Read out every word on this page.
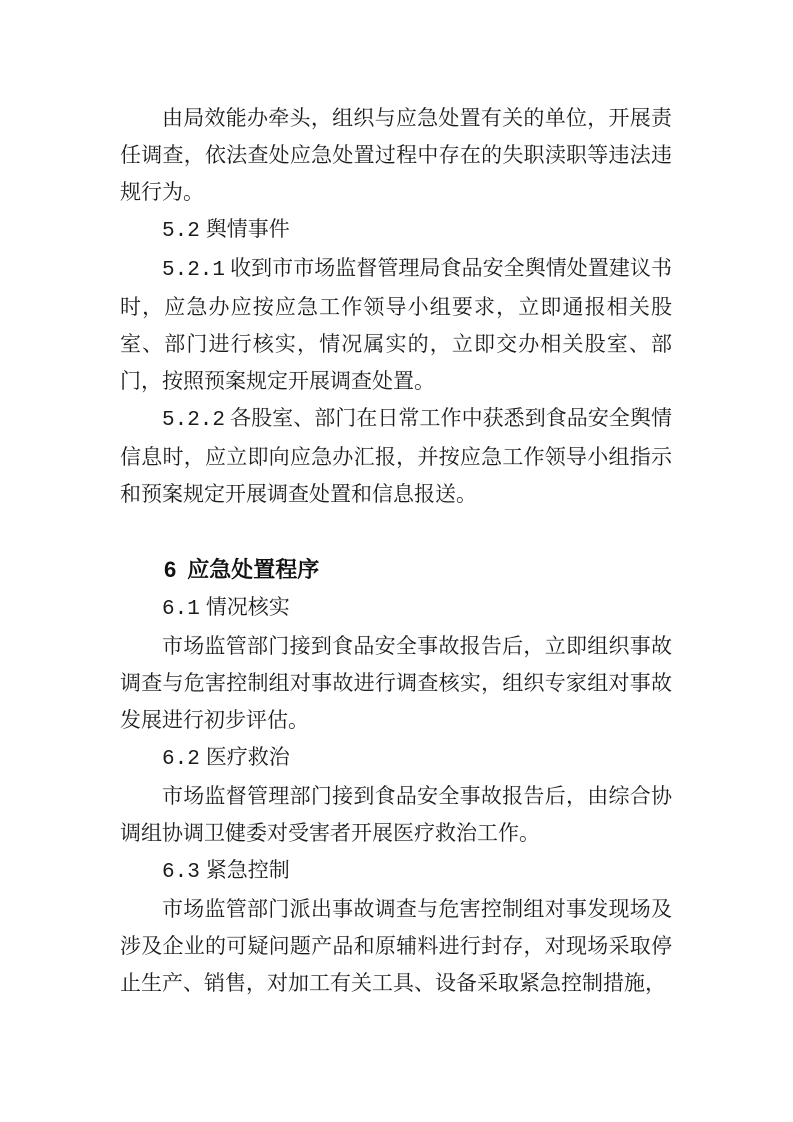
由局效能办牵头，组织与应急处置有关的单位，开展责任调查，依法查处应急处置过程中存在的失职渎职等违法违规行为。

5.2 舆情事件

5.2.1 收到市市场监督管理局食品安全舆情处置建议书时，应急办应按应急工作领导小组要求，立即通报相关股室、部门进行核实，情况属实的，立即交办相关股室、部门，按照预案规定开展调查处置。

5.2.2 各股室、部门在日常工作中获悉到食品安全舆情信息时，应立即向应急办汇报，并按应急工作领导小组指示和预案规定开展调查处置和信息报送。

6 应急处置程序

6.1 情况核实

市场监管部门接到食品安全事故报告后，立即组织事故调查与危害控制组对事故进行调查核实，组织专家组对事故发展进行初步评估。

6.2 医疗救治

市场监督管理部门接到食品安全事故报告后，由综合协调组协调卫健委对受害者开展医疗救治工作。

6.3 紧急控制

市场监管部门派出事故调查与危害控制组对事发现场及涉及企业的可疑问题产品和原辅料进行封存，对现场采取停止生产、销售，对加工有关工具、设备采取紧急控制措施，
